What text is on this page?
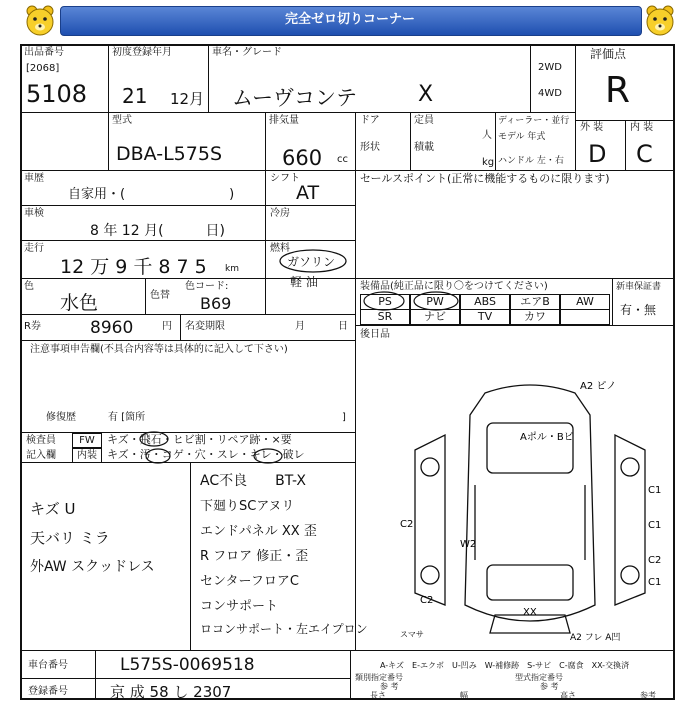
完全ゼロ切りコーナー
出品番号
[2068]
5108
初度登録年月
21 12月
車名・グレード
ムーヴコンテ	X
2WD
4WD
評価点
R
型式
DBA-L575S
排気量
660 cc
ドア
形状
定員
人
積載
kg
ディーラー・並行
モデル 年式
ハンドル 左・右
外 装	内 装
D C
車歴
自家用・(　　　　　　　　)
シフト
AT
セールスポイント(正常に機能するものに限ります)
車検
8 年 12 月(　　　日)
冷房
走行
12 万 9 千 8 7 5 km
燃料
ガソリン
軽 油
色
水色	色替
色コード:
B69
R券	8960	円 名変期限	月	日
装備品(純正品に限り〇をつけてください)
PS	PW	ABS	エアB	AW
SR	ナビ	TV	カワ
新車保証書
有・無
後日品
注意事項申告欄(不具合内容等は具体的に記入して下さい)
修復歴	有 [箇所	]
検査員
記入欄
FW
内装
キズ・飛石・ヒビ割・リペア跡・×要
キズ・汚・コゲ・穴・スレ・キレ・破レ
キズ U
天バリ ミラ
外AW スクッドレス
AC不良　　BT-X
下廻りSCアヌリ
エンドパネル XX 歪
R フロア 修正・歪
センターフロアC
コンサポート
ロコンサポート・左エイプロン
A2 ピノ
Aポル・Bピ
C1
C1
C2
C2
C1
W2
C2
XX
A2 フレ A凹
スマサ
A-キズ　E-エクボ　U-凹み　W-補修跡　S-サビ　C-腐食　XX-交換済
車台番号	L575S-0069518
登録番号	京 成 58 し 2307
類別指定番号	型式指定番号
参 考	参 考
長さ	幅	高さ	参考
